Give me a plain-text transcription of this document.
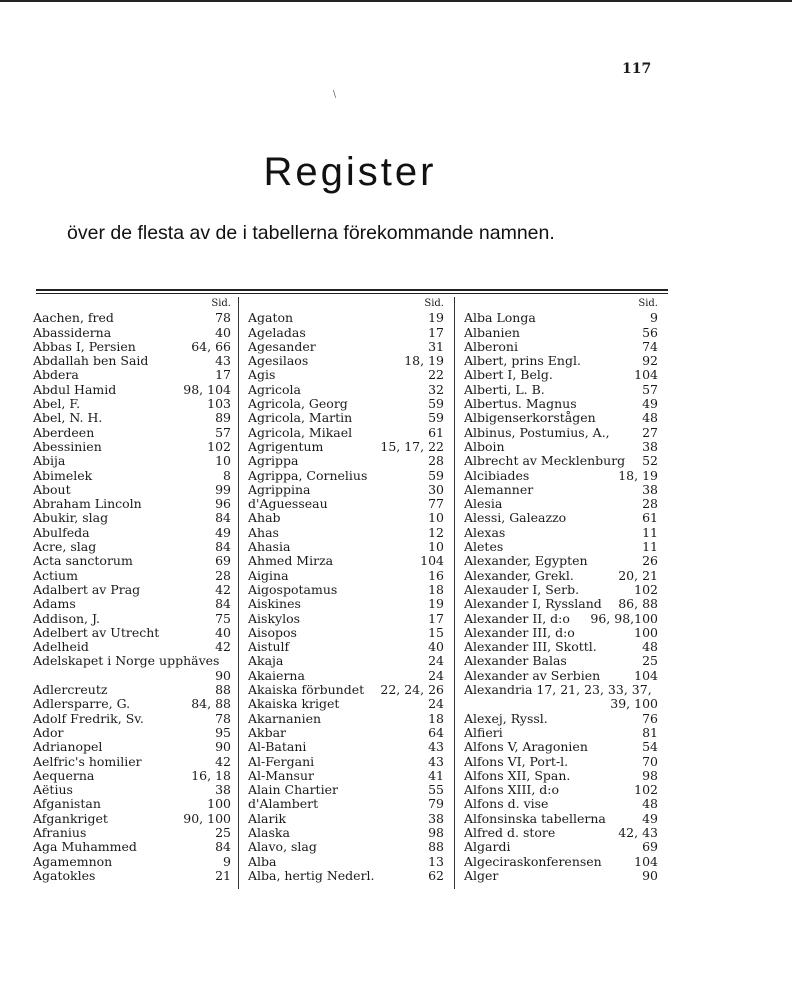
117
\
Register
över de flesta av de i tabellerna förekommande namnen.
Sid.
Aachen, fred	78
Abassiderna	40
Abbas I, Persien	64, 66
Abdallah ben Said	43
Abdera	17
Abdul Hamid	98, 104
Abel, F.	103
Abel, N. H.	89
Aberdeen	57
Abessinien	102
Abija	10
Abimelek	8
About	99
Abraham Lincoln	96
Abukir, slag	84
Abulfeda	49
Acre, slag	84
Acta sanctorum	69
Actium	28
Adalbert av Prag	42
Adams	84
Addison, J.	75
Adelbert av Utrecht	40
Adelheid	42
Adelskapet i Norge upphäves
90
Adlercreutz	88
Adlersparre, G.	84, 88
Adolf Fredrik, Sv.	78
Ador	95
Adrianopel	90
Aelfric's homilier	42
Aequerna	16, 18
Aëtius	38
Afganistan	100
Afgankriget	90, 100
Afranius	25
Aga Muhammed	84
Agamemnon	9
Agatokles	21
Sid.
Agaton	19
Ageladas	17
Agesander	31
Agesilaos	18, 19
Agis	22
Agricola	32
Agricola, Georg	59
Agricola, Martin	59
Agricola, Mikael	61
Agrigentum	15, 17, 22
Agrippa	28
Agrippa, Cornelius	59
Agrippina	30
d'Aguesseau	77
Ahab	10
Ahas	12
Ahasia	10
Ahmed Mirza	104
Aigina	16
Aigospotamus	18
Aiskines	19
Aiskylos	17
Aisopos	15
Aistulf	40
Akaja	24
Akaierna	24
Akaiska förbundet 22, 24, 26
Akaiska kriget	24
Akarnanien	18
Akbar	64
Al-Batani	43
Al-Fergani	43
Al-Mansur	41
Alain Chartier	55
d'Alambert	79
Alarik	38
Alaska	98
Alavo, slag	88
Alba	13
Alba, hertig Nederl.	62
Sid.
Alba Longa	9
Albanien	56
Alberoni	74
Albert, prins Engl.	92
Albert I, Belg.	104
Alberti, L. B.	57
Albertus. Magnus	49
Albigenserkorstågen	48
Albinus, Postumius, A.,	27
Alboin	38
Albrecht av Mecklenburg 52
Alcibiades	18, 19
Alemanner	38
Alesia	28
Alessi, Galeazzo	61
Alexas	11
Aletes	11
Alexander, Egypten	26
Alexander, Grekl.	20, 21
Alexauder I, Serb.	102
Alexander I, Ryssland 86, 88
Alexander II, d:o 96, 98,100
Alexander III, d:o	100
Alexander III, Skottl.	48
Alexander Balas	25
Alexander av Serbien	104
Alexandria 17, 21, 23, 33, 37,
39, 100
Alexej, Ryssl.	76
Alfieri	81
Alfons V, Aragonien	54
Alfons VI, Port-l.	70
Alfons XII, Span.	98
Alfons XIII, d:o	102
Alfons d. vise	48
Alfonsinska tabellerna	49
Alfred d. store	42, 43
Algardi	69
Algeciraskonferensen	104
Alger	90
